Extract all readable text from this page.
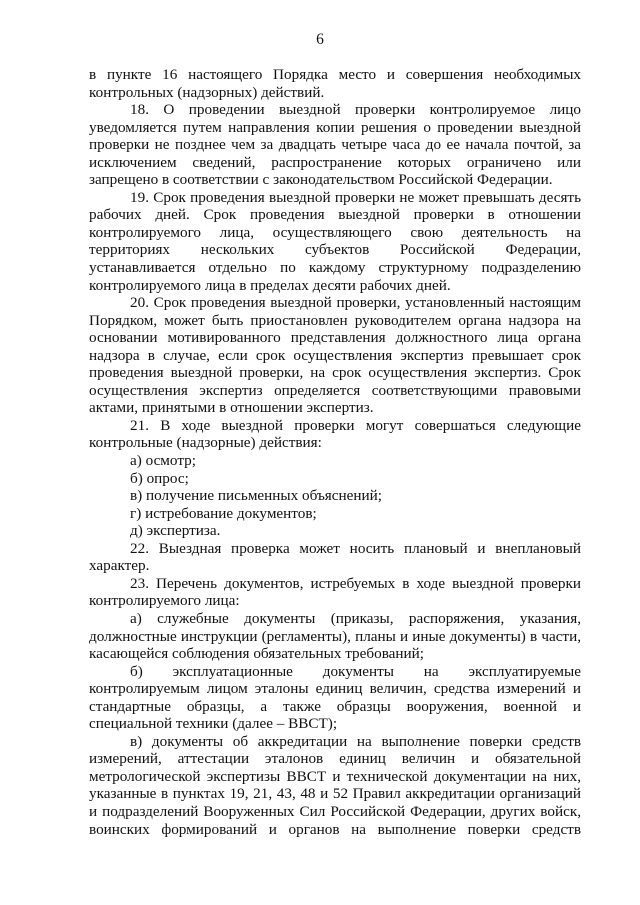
6

в пункте 16 настоящего Порядка место и совершения необходимых контрольных (надзорных) действий.

18. О проведении выездной проверки контролируемое лицо уведомляется путем направления копии решения о проведении выездной проверки не позднее чем за двадцать четыре часа до ее начала почтой, за исключением сведений, распространение которых ограничено или запрещено в соответствии с законодательством Российской Федерации.

19. Срок проведения выездной проверки не может превышать десять рабочих дней. Срок проведения выездной проверки в отношении контролируемого лица, осуществляющего свою деятельность на территориях нескольких субъектов Российской Федерации, устанавливается отдельно по каждому структурному подразделению контролируемого лица в пределах десяти рабочих дней.

20. Срок проведения выездной проверки, установленный настоящим Порядком, может быть приостановлен руководителем органа надзора на основании мотивированного представления должностного лица органа надзора в случае, если срок осуществления экспертиз превышает срок проведения выездной проверки, на срок осуществления экспертиз. Срок осуществления экспертиз определяется соответствующими правовыми актами, принятыми в отношении экспертиз.

21. В ходе выездной проверки могут совершаться следующие контрольные (надзорные) действия:

а) осмотр;

б) опрос;

в) получение письменных объяснений;

г) истребование документов;

д) экспертиза.

22. Выездная проверка может носить плановый и внеплановый характер.

23. Перечень документов, истребуемых в ходе выездной проверки контролируемого лица:

а) служебные документы (приказы, распоряжения, указания, должностные инструкции (регламенты), планы и иные документы) в части, касающейся соблюдения обязательных требований;

б) эксплуатационные документы на эксплуатируемые контролируемым лицом эталоны единиц величин, средства измерений и стандартные образцы, а также образцы вооружения, военной и специальной техники (далее – ВВСТ);

в) документы об аккредитации на выполнение поверки средств измерений, аттестации эталонов единиц величин и обязательной метрологической экспертизы ВВСТ и технической документации на них, указанные в пунктах 19, 21, 43, 48 и 52 Правил аккредитации организаций и подразделений Вооруженных Сил Российской Федерации, других войск, воинских формирований и органов на выполнение поверки средств
